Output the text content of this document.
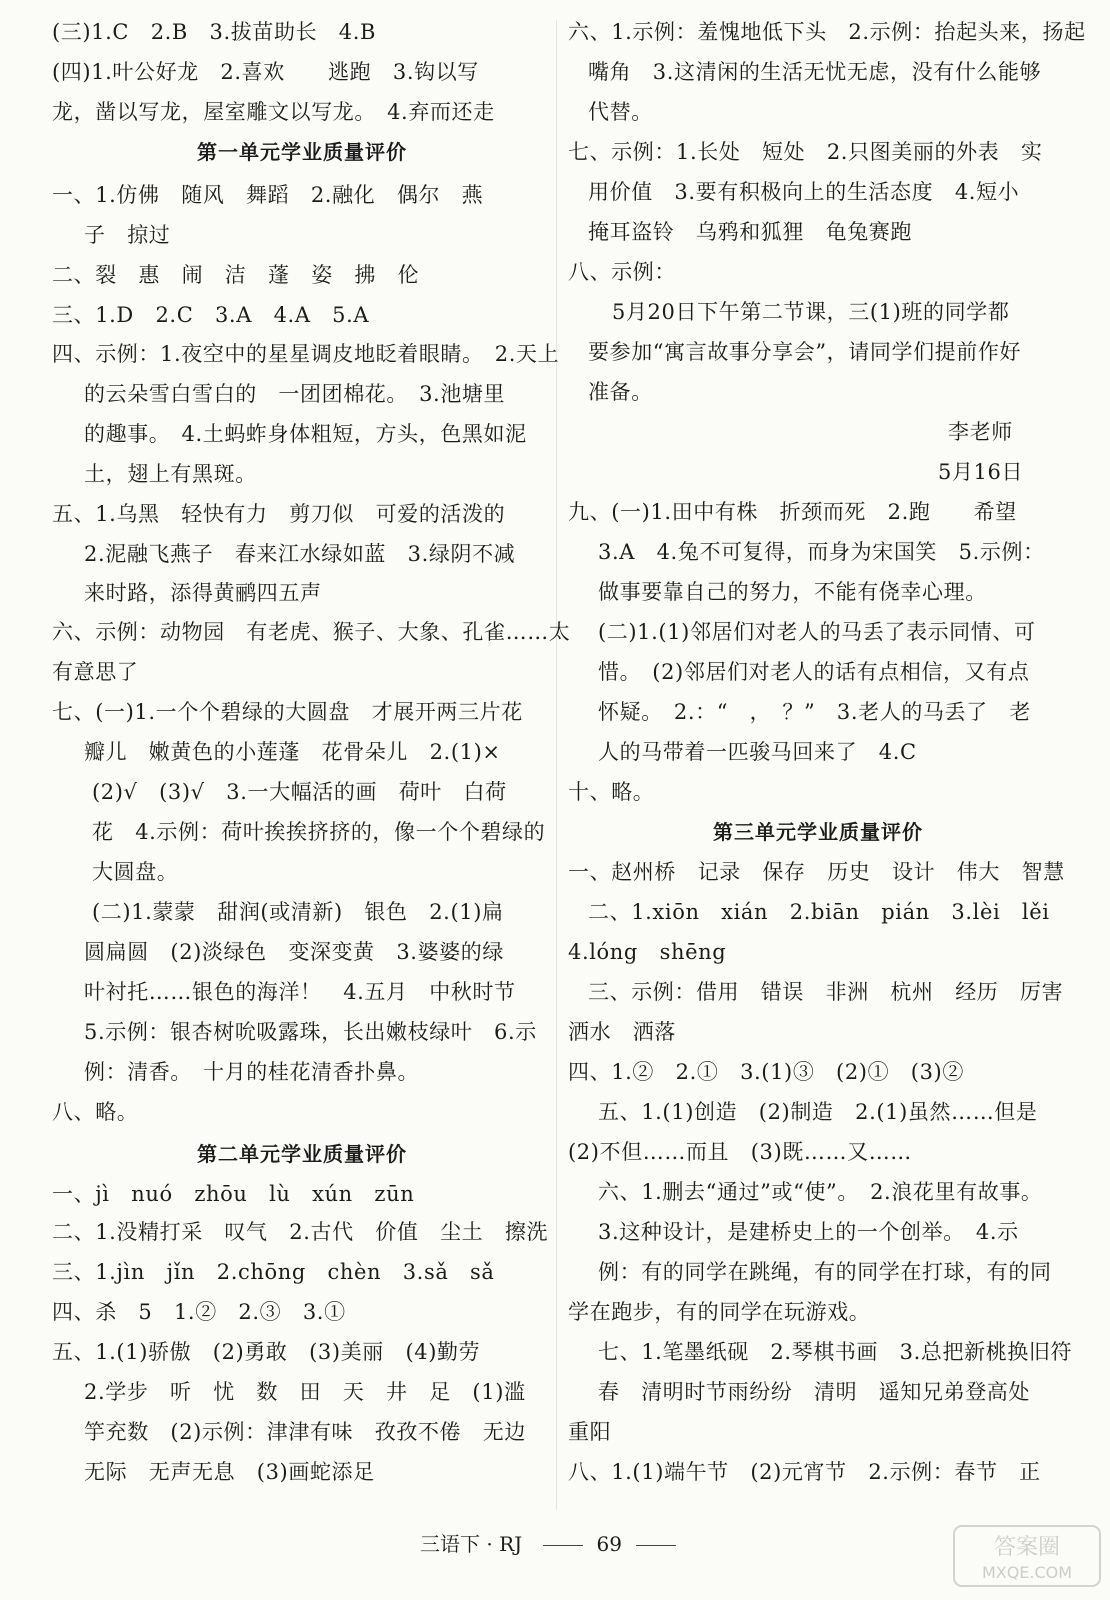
(三)1.C　2.B　3.拔苗助长　4.B
(四)1.叶公好龙　2.喜欢　　逃跑　3.钩以写
龙，凿以写龙，屋室雕文以写龙。　4.弃而还走
第一单元学业质量评价
一、1.仿佛　随风　舞蹈　2.融化　偶尔　燕
子　掠过
二、裂　惠　闹　洁　蓬　姿　拂　伦
三、1.D　2.C　3.A　4.A　5.A
四、示例：1.夜空中的星星调皮地眨着眼睛。　2.天上
的云朵雪白雪白的　一团团棉花。　3.池塘里
的趣事。　4.土蚂蚱身体粗短，方头，色黑如泥
土，翅上有黑斑。
五、1.乌黑　轻快有力　剪刀似　可爱的活泼的
2.泥融飞燕子　春来江水绿如蓝　3.绿阴不减
来时路，添得黄鹂四五声
六、示例：动物园　有老虎、猴子、大象、孔雀……太
有意思了
七、(一)1.一个个碧绿的大圆盘　才展开两三片花
瓣儿　嫩黄色的小莲蓬　花骨朵儿　2.(1)×
(2)√　(3)√　3.一大幅活的画　荷叶　白荷
花　4.示例：荷叶挨挨挤挤的，像一个个碧绿的
大圆盘。
(二)1.蒙蒙　甜润(或清新)　银色　2.(1)扁
圆扁圆　(2)淡绿色　变深变黄　3.婆婆的绿
叶衬托……银色的海洋！　4.五月　中秋时节
5.示例：银杏树吮吸露珠，长出嫩枝绿叶　6.示
例：清香。　十月的桂花清香扑鼻。
八、略。
第二单元学业质量评价
一、jì　nuó　zhōu　lù　xún　zūn
二、1.没精打采　叹气　2.古代　价值　尘土　擦洗
三、1.jìn　jǐn　2.chōng　chèn　3.sǎ　sǎ
四、杀　5　1.②　2.③　3.①
五、1.(1)骄傲　(2)勇敢　(3)美丽　(4)勤劳
2.学步　听　忧　数　田　天　井　足　(1)滥
竽充数　(2)示例：津津有味　孜孜不倦　无边
无际　无声无息　(3)画蛇添足
六、1.示例：羞愧地低下头　2.示例：抬起头来，扬起
嘴角　3.这清闲的生活无忧无虑，没有什么能够
代替。
七、示例：1.长处　短处　2.只图美丽的外表　实
用价值　3.要有积极向上的生活态度　4.短小
掩耳盗铃　乌鸦和狐狸　龟兔赛跑
八、示例：
5月20日下午第二节课，三(1)班的同学都
要参加“寓言故事分享会”，请同学们提前作好
准备。
李老师
5月16日
九、(一)1.田中有株　折颈而死　2.跑　　希望
3.A　4.兔不可复得，而身为宋国笑　5.示例：
做事要靠自己的努力，不能有侥幸心理。
(二)1.(1)邻居们对老人的马丢了表示同情、可
惜。　(2)邻居们对老人的话有点相信，又有点
怀疑。　2.：“　，　？”　3.老人的马丢了　老
人的马带着一匹骏马回来了　4.C
十、略。
第三单元学业质量评价
一、赵州桥　记录　保存　历史　设计　伟大　智慧
二、1.xiōn　xián　2.biān　pián　3.lèi　lěi
4.lóng　shēng
三、示例：借用　错误　非洲　杭州　经历　厉害
洒水　洒落
四、1.②　2.①　3.(1)③　(2)①　(3)②
五、1.(1)创造　(2)制造　2.(1)虽然……但是
(2)不但……而且　(3)既……又……
六、1.删去“通过”或“使”。　2.浪花里有故事。
3.这种设计，是建桥史上的一个创举。　4.示
例：有的同学在跳绳，有的同学在打球，有的同
学在跑步，有的同学在玩游戏。
七、1.笔墨纸砚　2.琴棋书画　3.总把新桃换旧符
春　清明时节雨纷纷　清明　遥知兄弟登高处
重阳
八、1.(1)端午节　(2)元宵节　2.示例：春节　正
三语下 · RJ	69	答案圈
MXQE.COM
